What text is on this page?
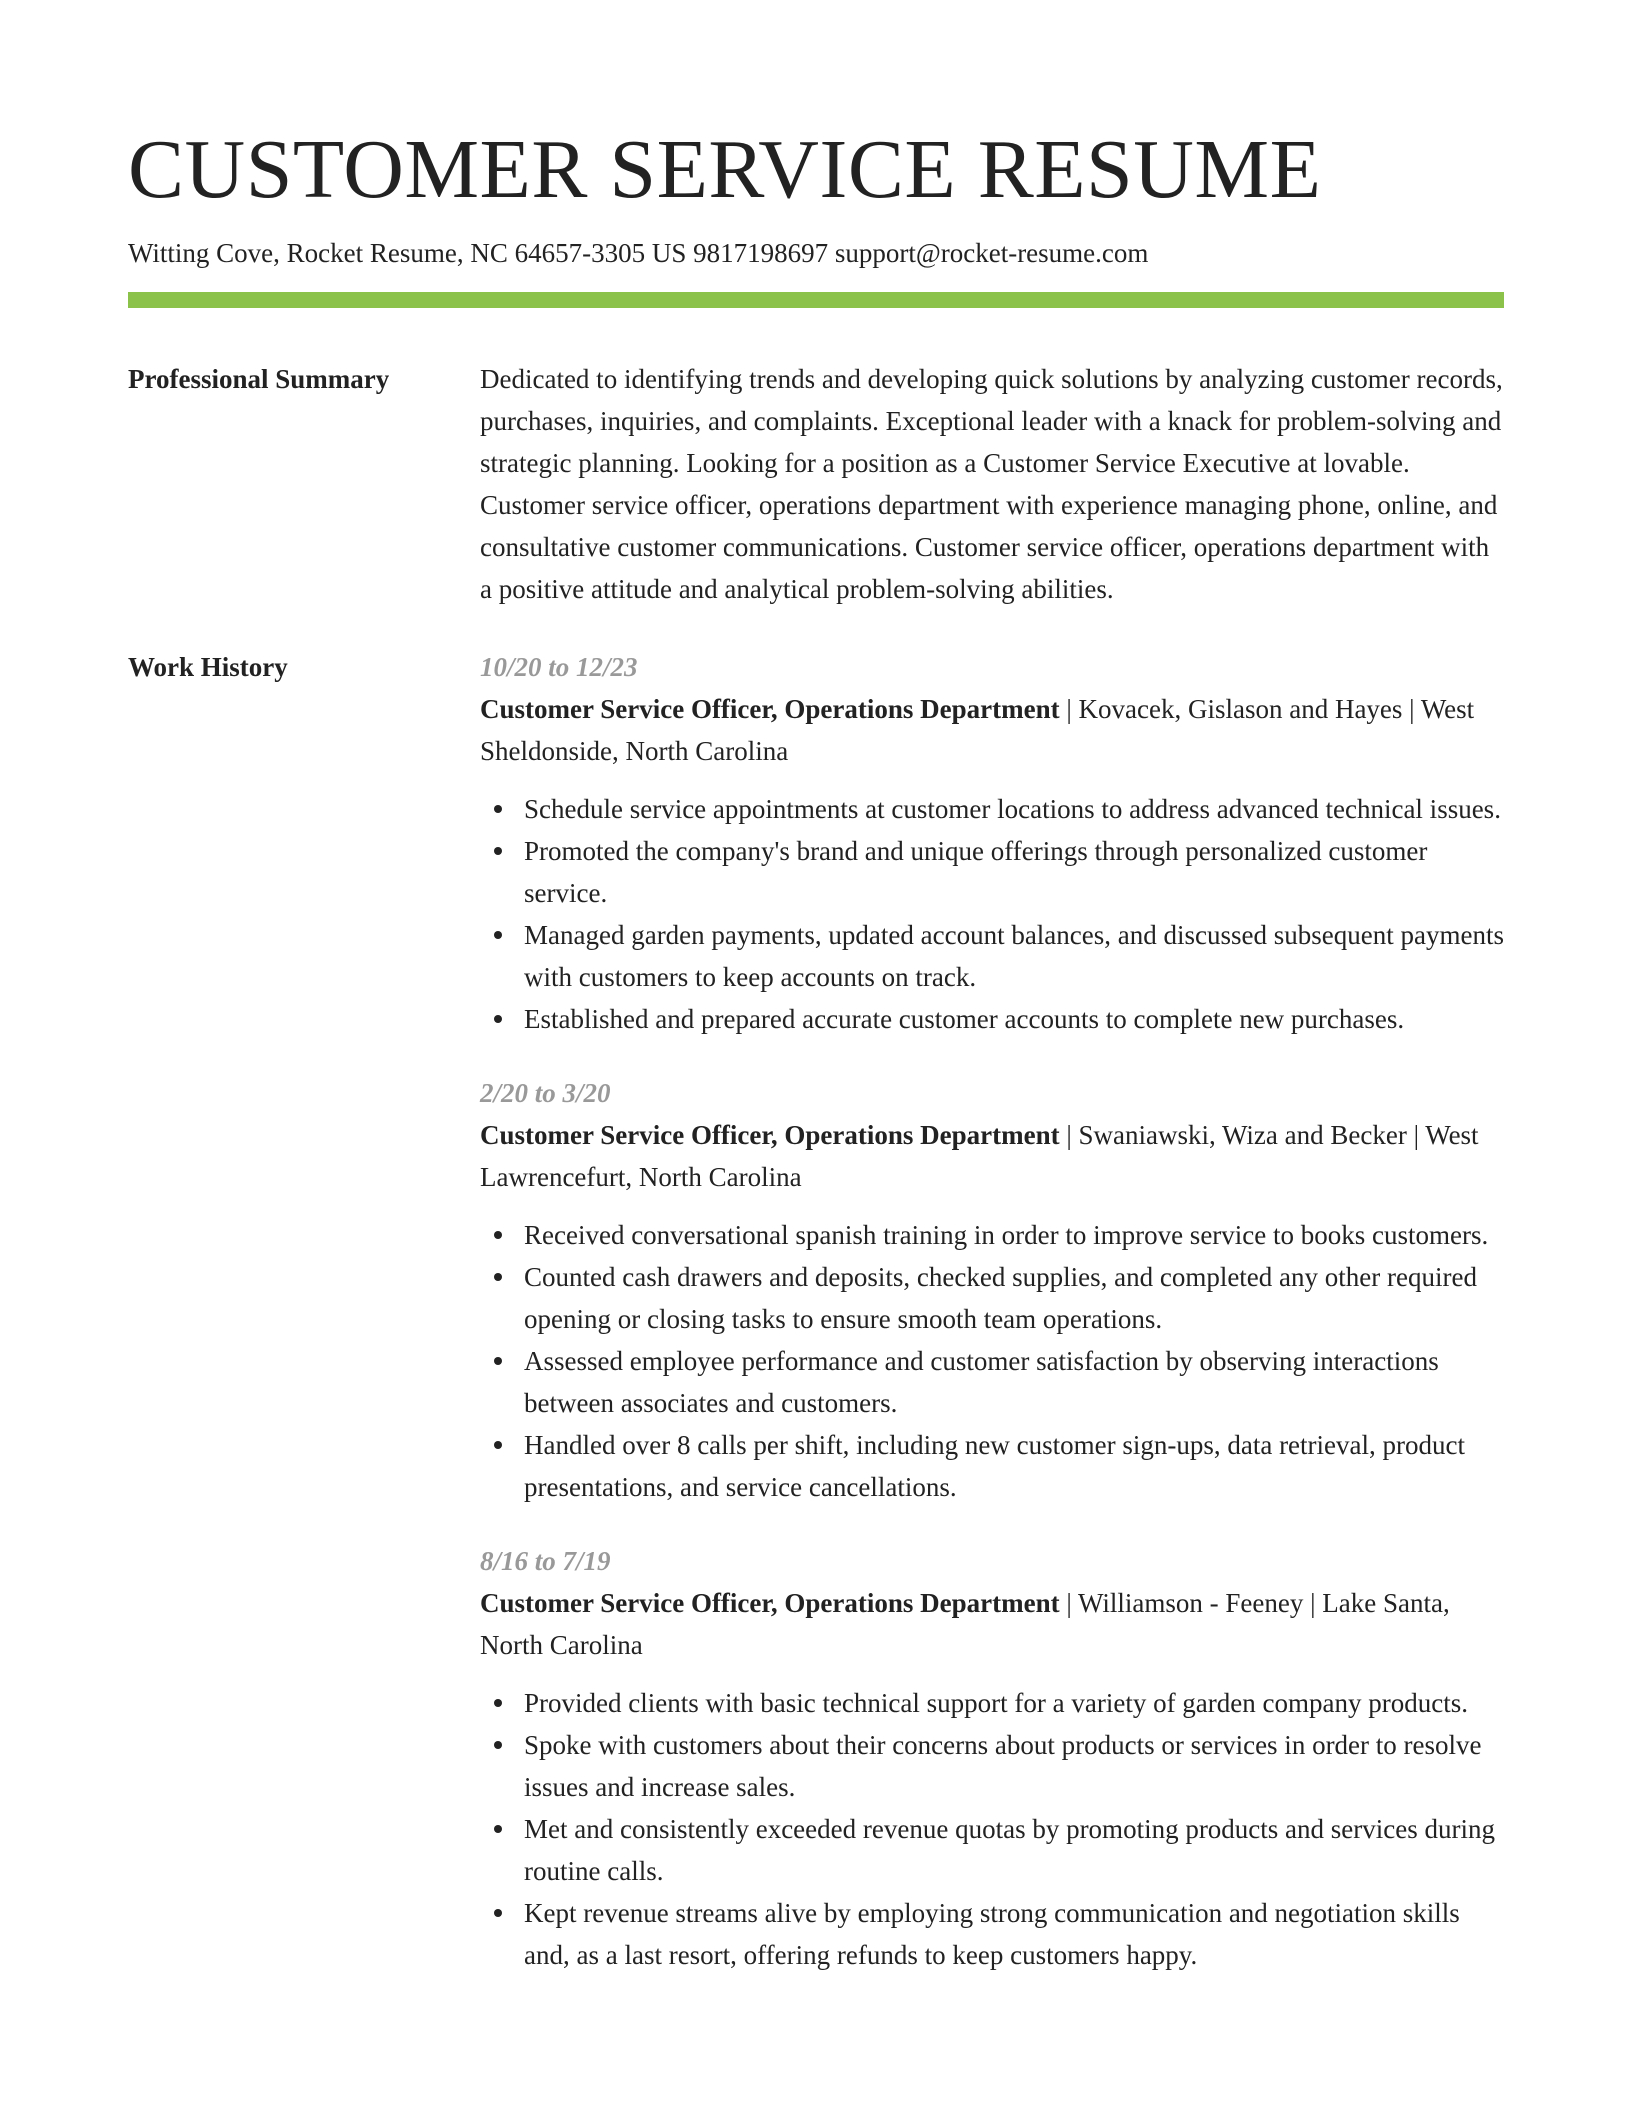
CUSTOMER SERVICE RESUME
Witting Cove, Rocket Resume, NC 64657-3305 US 9817198697 support@rocket-resume.com
Professional Summary	Dedicated to identifying trends and developing quick solutions by analyzing customer records, purchases, inquiries, and complaints. Exceptional leader with a knack for problem-solving and strategic planning. Looking for a position as a Customer Service Executive at lovable. Customer service officer, operations department with experience managing phone, online, and consultative customer communications. Customer service officer, operations department with a positive attitude and analytical problem-solving abilities.
Work History	10/20 to 12/23
Customer Service Officer, Operations Department | Kovacek, Gislason and Hayes | West Sheldonside, North Carolina
Schedule service appointments at customer locations to address advanced technical issues.
Promoted the company's brand and unique offerings through personalized customer service.
Managed garden payments, updated account balances, and discussed subsequent payments with customers to keep accounts on track.
Established and prepared accurate customer accounts to complete new purchases.
2/20 to 3/20
Customer Service Officer, Operations Department | Swaniawski, Wiza and Becker | West Lawrencefurt, North Carolina
Received conversational spanish training in order to improve service to books customers.
Counted cash drawers and deposits, checked supplies, and completed any other required opening or closing tasks to ensure smooth team operations.
Assessed employee performance and customer satisfaction by observing interactions between associates and customers.
Handled over 8 calls per shift, including new customer sign-ups, data retrieval, product presentations, and service cancellations.
8/16 to 7/19
Customer Service Officer, Operations Department | Williamson - Feeney | Lake Santa, North Carolina
Provided clients with basic technical support for a variety of garden company products.
Spoke with customers about their concerns about products or services in order to resolve issues and increase sales.
Met and consistently exceeded revenue quotas by promoting products and services during routine calls.
Kept revenue streams alive by employing strong communication and negotiation skills and, as a last resort, offering refunds to keep customers happy.
